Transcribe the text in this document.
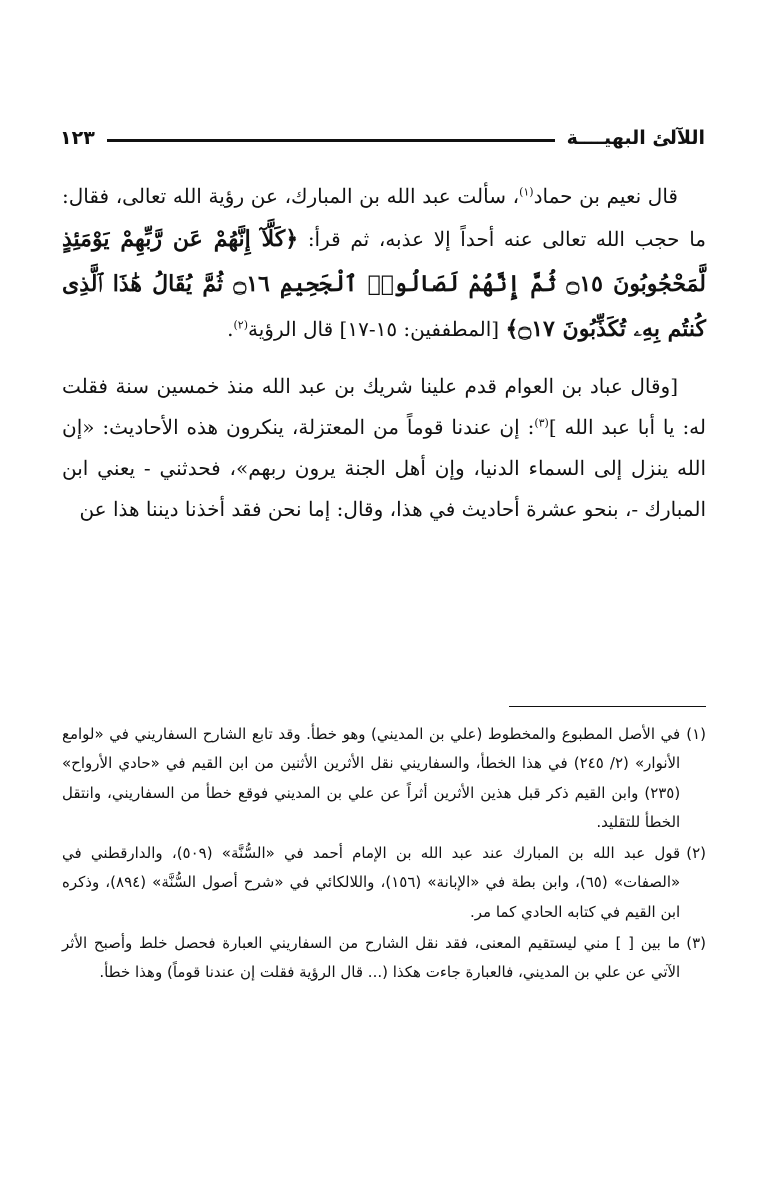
اللآلئ البهيــــة
١٢٣

قال نعيم بن حماد$^{(١)}$، سألت عبد الله بن المبارك، عن رؤية الله تعالى، فقال: ما حجب الله تعالى عنه أحداً إلا عذبه، ثم قرأ: ﴿كَلَّآ إِنَّهُمْ عَن رَّبِّهِمْ يَوْمَئِذٍ لَّمَحْجُوبُونَ ۝١٥ ثُمَّ إِنَّهُمْ لَصَالُوا۟ ٱلْجَحِيمِ ۝١٦ ثُمَّ يُقَالُ هَٰذَا ٱلَّذِى كُنتُم بِهِۦ تُكَذِّبُونَ ۝١٧﴾ [المطففين: ١٥-١٧] قال الرؤية$^{(٢)}$.

[وقال عباد بن العوام قدم علينا شريك بن عبد الله منذ خمسين سنة فقلت له: يا أبا عبد الله ]$^{(٣)}$: إن عندنا قوماً من المعتزلة، ينكرون هذه الأحاديث: «إن الله ينزل إلى السماء الدنيا، وإن أهل الجنة يرون ربهم»، فحدثني - يعني ابن المبارك -، بنحو عشرة أحاديث في هذا، وقال: إما نحن فقد أخذنا ديننا هذا عن

(١)
في الأصل المطبوع والمخطوط (علي بن المديني) وهو خطأ. وقد تابع الشارح السفاريني في «لوامع الأنوار» (٢/ ٢٤٥) في هذا الخطأ، والسفاريني نقل الأثرين الأثنين من ابن القيم في «حادي الأرواح» (٢٣٥) وابن القيم ذكر قبل هذين الأثرين أثراً عن علي بن المديني فوقع خطأ من السفاريني، وانتقل الخطأ للتقليد.
(٢)
قول عبد الله بن المبارك عند عبد الله بن الإمام أحمد في «السُّنَّة» (٥٠٩)، والدارقطني في «الصفات» (٦٥)، وابن بطة في «الإبانة» (١٥٦)، واللالكائي في «شرح أصول السُّنَّة» (٨٩٤)، وذكره ابن القيم في كتابه الحادي كما مر.
(٣)
ما بين [ ] مني ليستقيم المعنى، فقد نقل الشارح من السفاريني العبارة فحصل خلط وأصبح الأثر الآتي عن علي بن المديني، فالعبارة جاءت هكذا (... قال الرؤية فقلت إن عندنا قوماً) وهذا خطأ.
